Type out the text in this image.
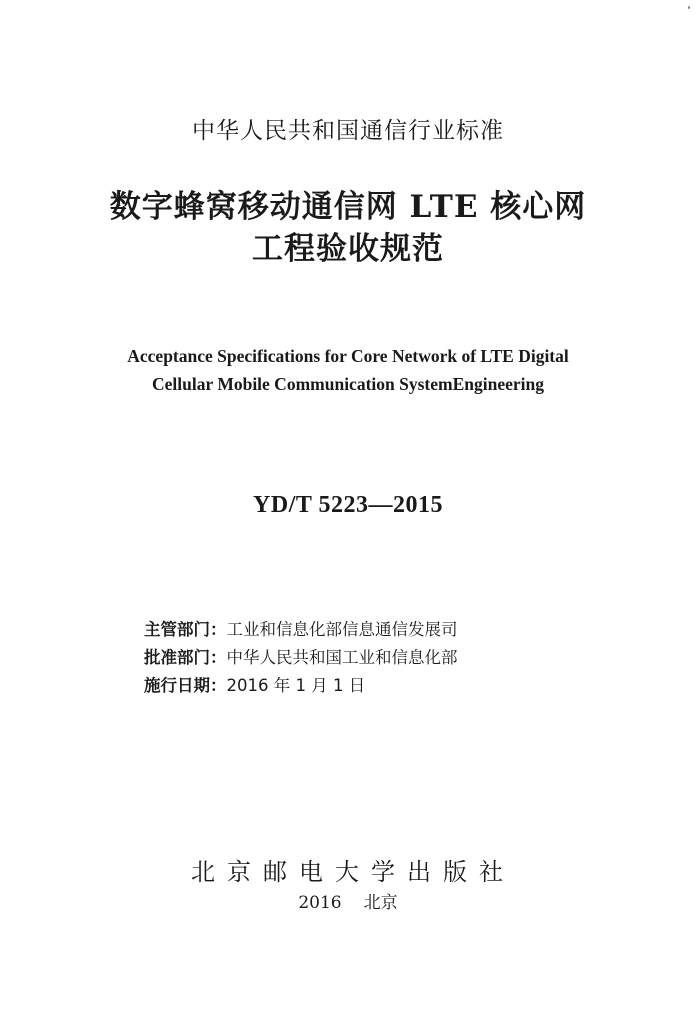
中华人民共和国通信行业标准
数字蜂窝移动通信网 LTE 核心网
工程验收规范
Acceptance Specifications for Core Network of LTE Digital
Cellular Mobile Communication SystemEngineering
YD/T 5223—2015
主管部门：工业和信息化部信息通信发展司
批准部门：中华人民共和国工业和信息化部
施行日期：2016 年 1 月 1 日
北京邮电大学出版社
2016 北京
